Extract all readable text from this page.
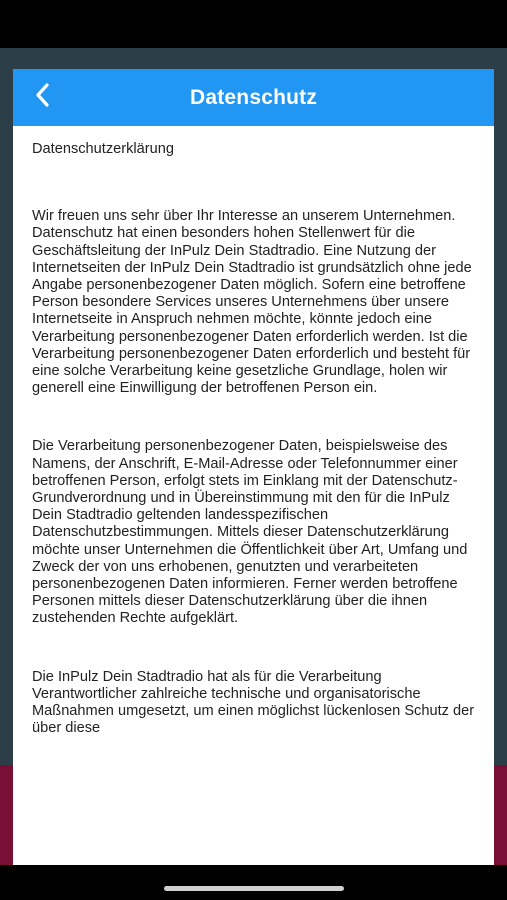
Datenschutz

Datenschutzerklärung

Wir freuen uns sehr über Ihr Interesse an unserem Unternehmen. Datenschutz hat einen besonders hohen Stellenwert für die Geschäftsleitung der InPulz Dein Stadtradio. Eine Nutzung der Internetseiten der InPulz Dein Stadtradio ist grundsätzlich ohne jede Angabe personenbezogener Daten möglich. Sofern eine betroffene Person besondere Services unseres Unternehmens über unsere Internetseite in Anspruch nehmen möchte, könnte jedoch eine Verarbeitung personenbezogener Daten erforderlich werden. Ist die Verarbeitung personenbezogener Daten erforderlich und besteht für eine solche Verarbeitung keine gesetzliche Grundlage, holen wir generell eine Einwilligung der betroffenen Person ein.

Die Verarbeitung personenbezogener Daten, beispielsweise des Namens, der Anschrift, E-Mail-Adresse oder Telefonnummer einer betroffenen Person, erfolgt stets im Einklang mit der Datenschutz-Grundverordnung und in Übereinstimmung mit den für die InPulz Dein Stadtradio geltenden landesspezifischen Datenschutzbestimmungen. Mittels dieser Datenschutzerklärung möchte unser Unternehmen die Öffentlichkeit über Art, Umfang und Zweck der von uns erhobenen, genutzten und verarbeiteten personenbezogenen Daten informieren. Ferner werden betroffene Personen mittels dieser Datenschutzerklärung über die ihnen zustehenden Rechte aufgeklärt.

Die InPulz Dein Stadtradio hat als für die Verarbeitung Verantwortlicher zahlreiche technische und organisatorische Maßnahmen umgesetzt, um einen möglichst lückenlosen Schutz der über diese
